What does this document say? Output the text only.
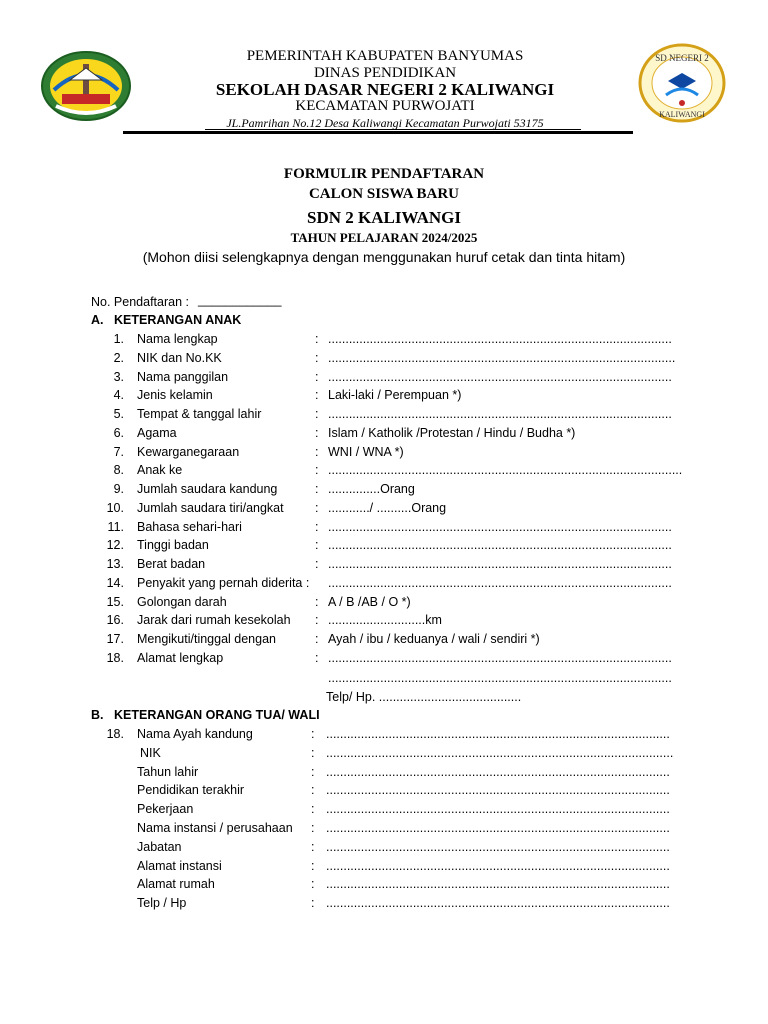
SD NEGERI 2
KALIWANGI
PEMERINTAH KABUPATEN BANYUMAS
DINAS PENDIDIKAN
SEKOLAH DASAR NEGERI 2 KALIWANGI
KECAMATAN PURWOJATI
JL.Pamrihan No.12 Desa Kaliwangi Kecamatan Purwojati 53175
FORMULIR PENDAFTARAN
CALON SISWA BARU
SDN 2 KALIWANGI
TAHUN PELAJARAN 2024/2025
(Mohon diisi selengkapnya dengan menggunakan huruf cetak dan tinta hitam)
No. Pendaftaran : ____________
A. KETERANGAN ANAK
1. Nama lengkap	: ...................................................................................................
2. NIK dan No.KK	: ....................................................................................................
3. Nama panggilan	: ...................................................................................................
4. Jenis kelamin	: Laki-laki / Perempuan *)
5. Tempat & tanggal lahir	: ...................................................................................................
6. Agama	: Islam / Katholik /Protestan / Hindu / Budha *)
7. Kewarganegaraan	: WNI / WNA *)
8. Anak ke	: ......................................................................................................
9. Jumlah saudara kandung	: ...............Orang
10. Jumlah saudara tiri/angkat	: ............/ ..........Orang
11. Bahasa sehari-hari	: ...................................................................................................
12. Tinggi badan	: ...................................................................................................
13. Berat badan	: ...................................................................................................
14. Penyakit yang pernah diderita : ...................................................................................................
15. Golongan darah	: A / B /AB / O *)
16. Jarak dari rumah kesekolah : ............................km
17. Mengikuti/tinggal dengan	: Ayah / ibu / keduanya / wali / sendiri *)
18. Alamat lengkap	: ...................................................................................................
...................................................................................................
Telp/ Hp. .........................................
B. KETERANGAN ORANG TUA/ WALI
18. Nama Ayah kandung	: ...................................................................................................
NIK	: ....................................................................................................
Tahun lahir	: ...................................................................................................
Pendidikan terakhir	: ...................................................................................................
Pekerjaan	: ...................................................................................................
Nama instansi / perusahaan : ...................................................................................................
Jabatan	: ...................................................................................................
Alamat instansi	: ...................................................................................................
Alamat rumah	: ...................................................................................................
Telp / Hp	: ...................................................................................................
